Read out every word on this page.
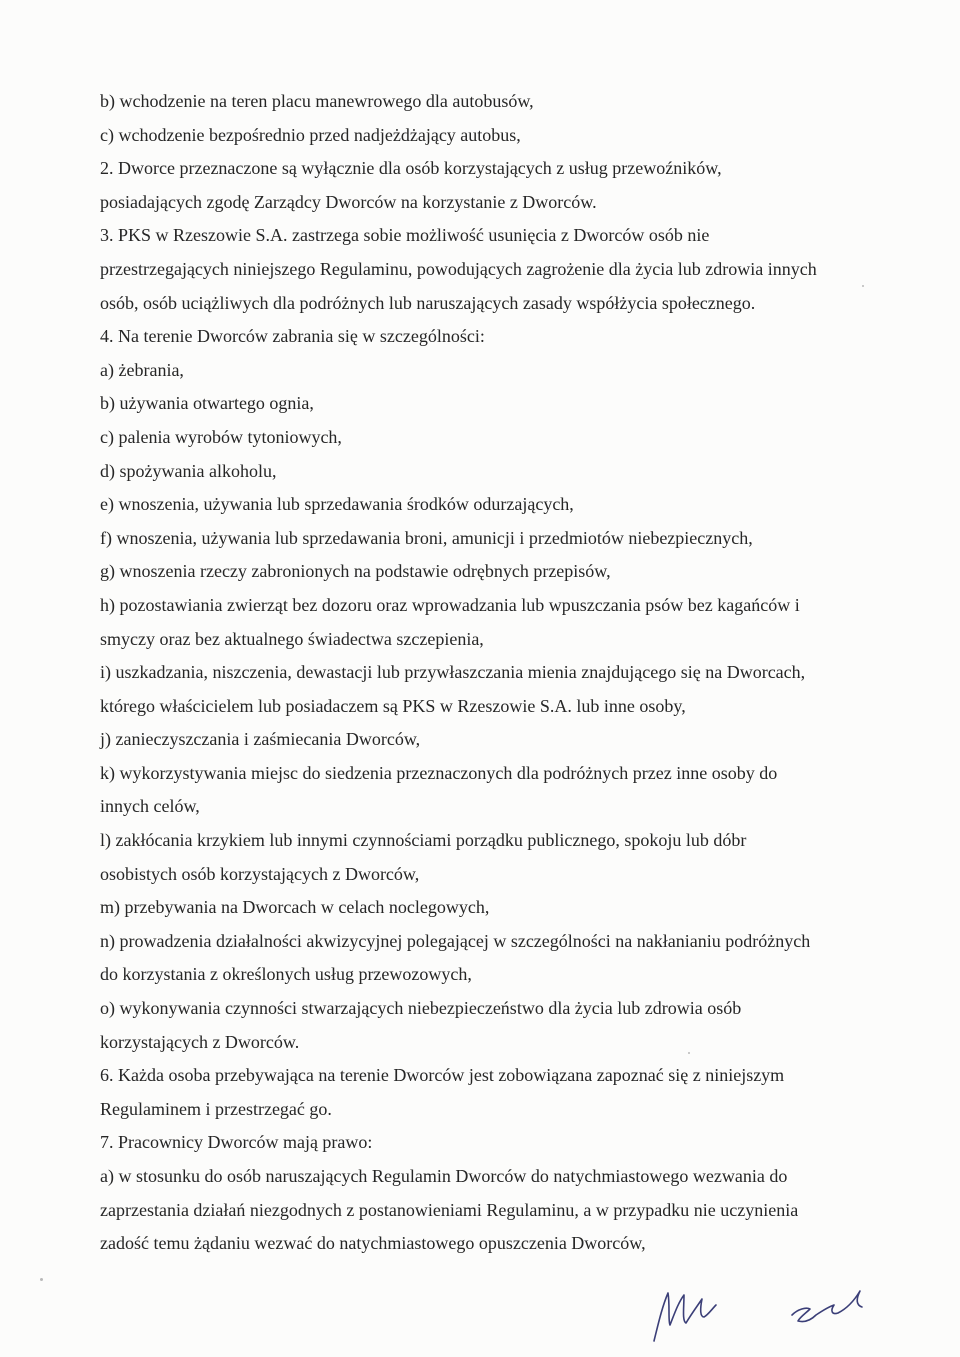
b) wchodzenie na teren placu manewrowego dla autobusów,
c) wchodzenie bezpośrednio przed nadjeżdżający autobus,
2. Dworce przeznaczone są wyłącznie dla osób korzystających z usług przewoźników,
posiadających zgodę Zarządcy Dworców na korzystanie z Dworców.
3. PKS w Rzeszowie S.A. zastrzega sobie możliwość usunięcia z Dworców osób nie
przestrzegających niniejszego Regulaminu, powodujących zagrożenie dla życia lub zdrowia innych
osób, osób uciążliwych dla podróżnych lub naruszających zasady współżycia społecznego.
4. Na terenie Dworców zabrania się w szczególności:
a) żebrania,
b) używania otwartego ognia,
c) palenia wyrobów tytoniowych,
d) spożywania alkoholu,
e) wnoszenia, używania lub sprzedawania środków odurzających,
f) wnoszenia, używania lub sprzedawania broni, amunicji i przedmiotów niebezpiecznych,
g) wnoszenia rzeczy zabronionych na podstawie odrębnych przepisów,
h) pozostawiania zwierząt bez dozoru oraz wprowadzania lub wpuszczania psów bez kagańców i
smyczy oraz bez aktualnego świadectwa szczepienia,
i) uszkadzania, niszczenia, dewastacji lub przywłaszczania mienia znajdującego się na Dworcach,
którego właścicielem lub posiadaczem są PKS w Rzeszowie S.A. lub inne osoby,
j) zanieczyszczania i zaśmiecania Dworców,
k) wykorzystywania miejsc do siedzenia przeznaczonych dla podróżnych przez inne osoby do
innych celów,
l) zakłócania krzykiem lub innymi czynnościami porządku publicznego, spokoju lub dóbr
osobistych osób korzystających z Dworców,
m) przebywania na Dworcach w celach noclegowych,
n) prowadzenia działalności akwizycyjnej polegającej w szczególności na nakłanianiu podróżnych
do korzystania z określonych usług przewozowych,
o) wykonywania czynności stwarzających niebezpieczeństwo dla życia lub zdrowia osób
korzystających z Dworców.
6. Każda osoba przebywająca na terenie Dworców jest zobowiązana zapoznać się z niniejszym
Regulaminem i przestrzegać go.
7. Pracownicy Dworców mają prawo:
a) w stosunku do osób naruszających Regulamin Dworców do natychmiastowego wezwania do
zaprzestania działań niezgodnych z postanowieniami Regulaminu, a w przypadku nie uczynienia
zadość temu żądaniu wezwać do natychmiastowego opuszczenia Dworców,
